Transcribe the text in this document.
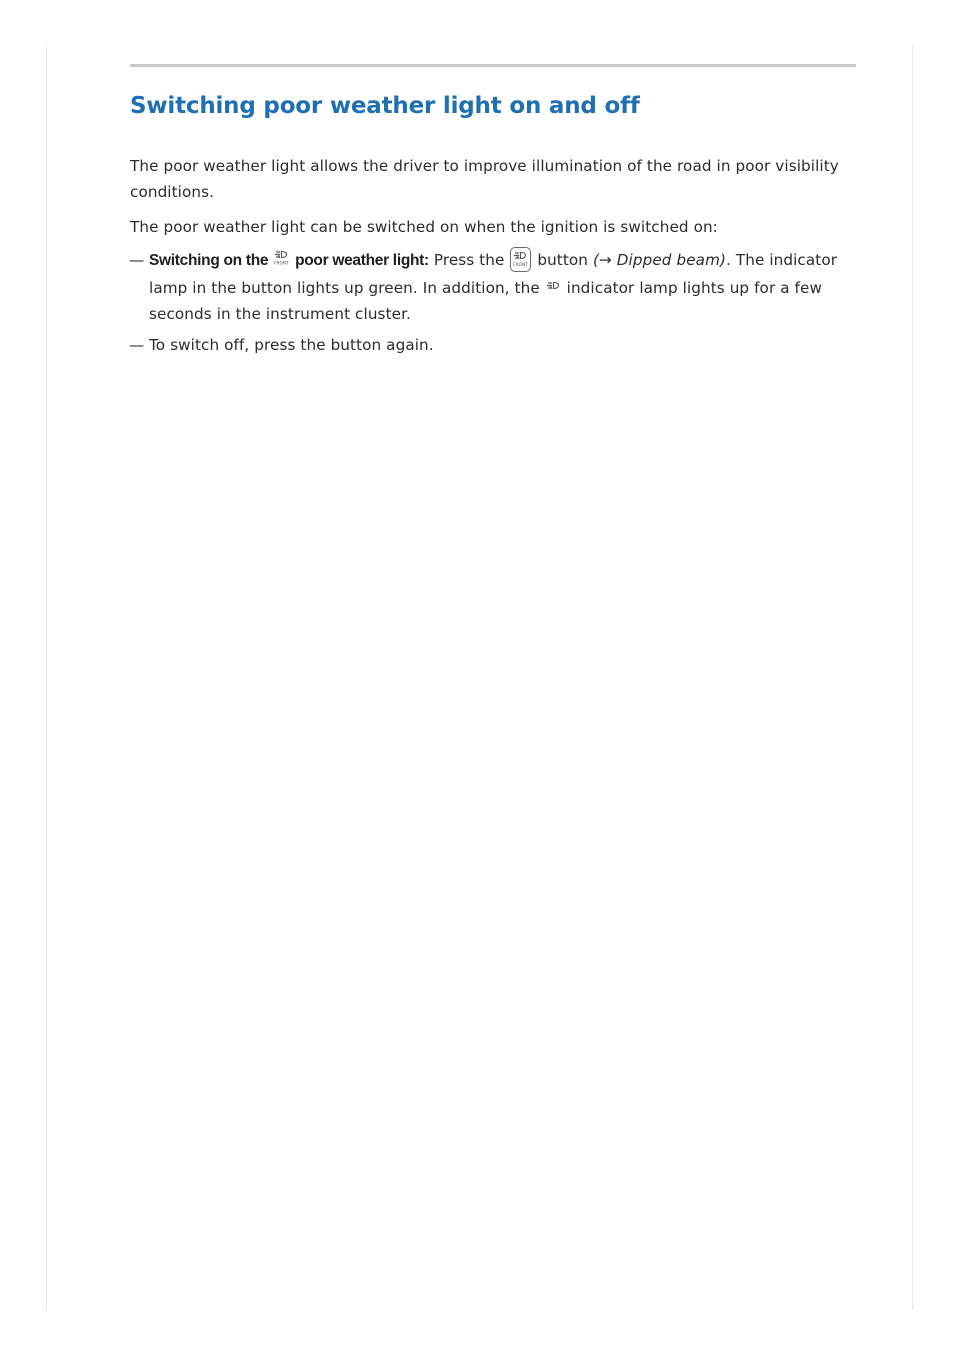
Switching poor weather light on and off

The poor weather light allows the driver to improve illumination of the road in poor visibility conditions.

The poor weather light can be switched on when the ignition is switched on:

— Switching on the FRONT poor weather light: Press the FRONT button (→ Dipped beam). The indicator lamp in the button lights up green. In addition, the indicator lamp lights up for a few seconds in the instrument cluster.
— To switch off, press the button again.
